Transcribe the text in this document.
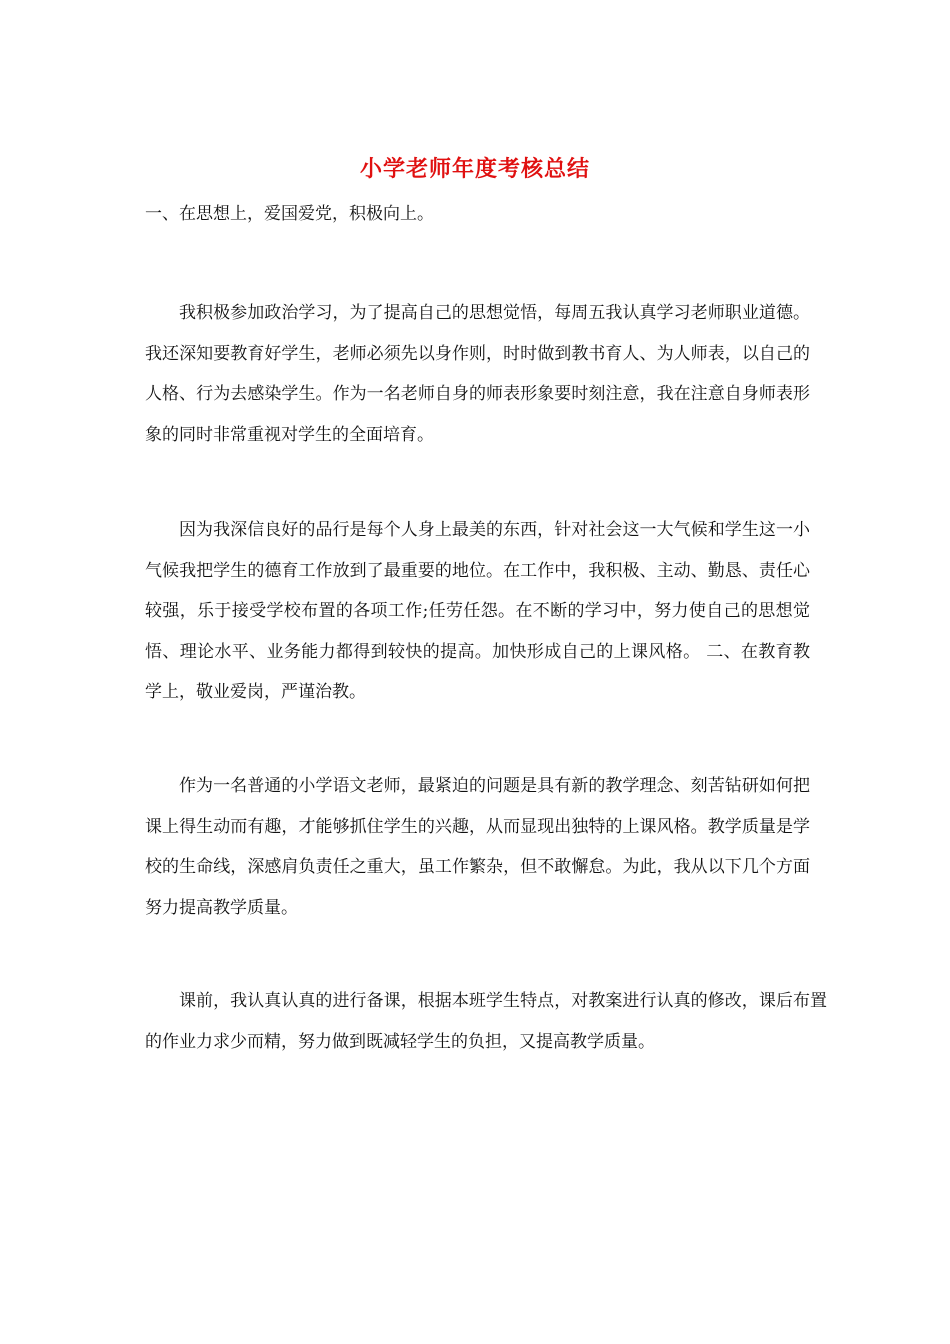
小学老师年度考核总结
一、在思想上，爱国爱党，积极向上。

我积极参加政治学习，为了提高自己的思想觉悟，每周五我认真学习老师职业道德。我还深知要教育好学生，老师必须先以身作则，时时做到教书育人、为人师表，以自己的人格、行为去感染学生。作为一名老师自身的师表形象要时刻注意，我在注意自身师表形象的同时非常重视对学生的全面培育。

因为我深信良好的品行是每个人身上最美的东西，针对社会这一大气候和学生这一小气候我把学生的德育工作放到了最重要的地位。在工作中，我积极、主动、勤恳、责任心较强，乐于接受学校布置的各项工作;任劳任怨。在不断的学习中，努力使自己的思想觉悟、理论水平、业务能力都得到较快的提高。加快形成自己的上课风格。 二、在教育教学上，敬业爱岗，严谨治教。

作为一名普通的小学语文老师，最紧迫的问题是具有新的教学理念、刻苦钻研如何把课上得生动而有趣，才能够抓住学生的兴趣，从而显现出独特的上课风格。教学质量是学校的生命线，深感肩负责任之重大，虽工作繁杂，但不敢懈怠。为此，我从以下几个方面努力提高教学质量。

课前，我认真认真的进行备课，根据本班学生特点，对教案进行认真的修改，课后布置的作业力求少而精，努力做到既减轻学生的负担，又提高教学质量。
